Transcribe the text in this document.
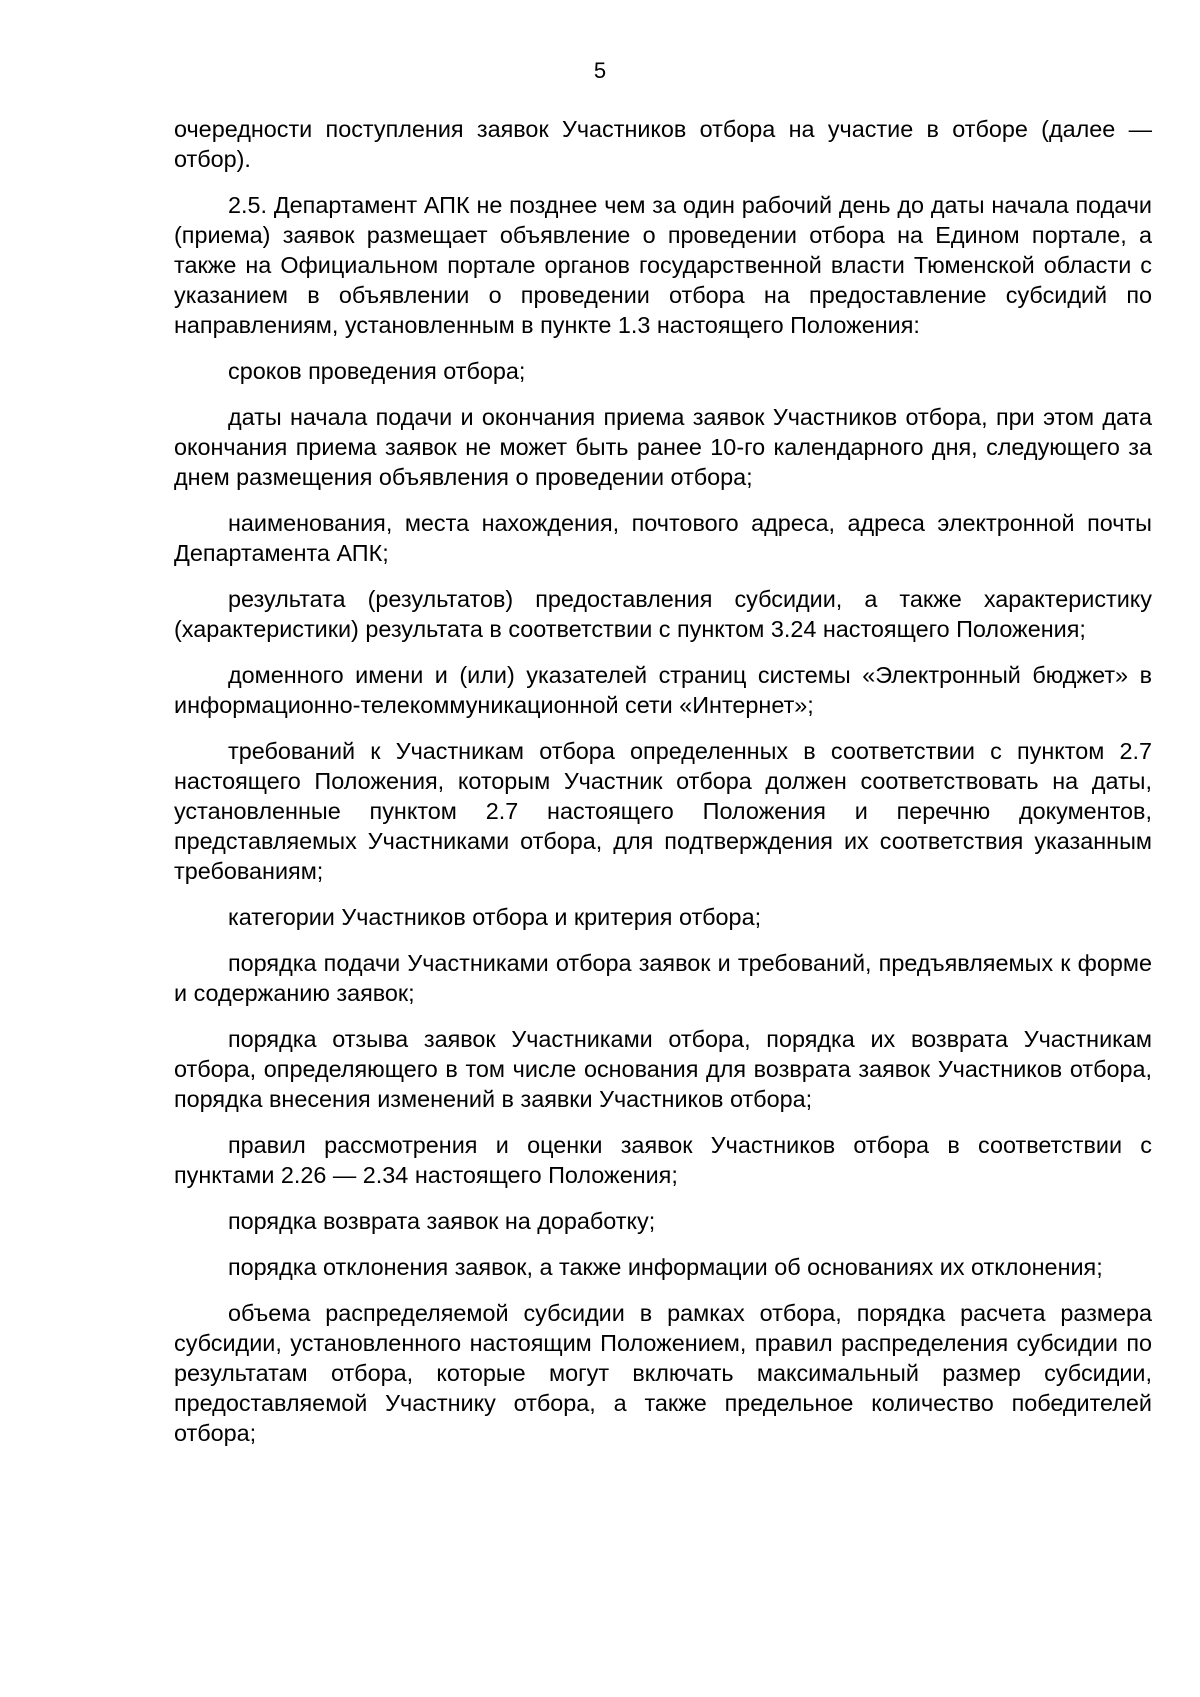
5

очередности поступления заявок Участников отбора на участие в отборе (далее — отбор).

2.5. Департамент АПК не позднее чем за один рабочий день до даты начала подачи (приема) заявок размещает объявление о проведении отбора на Едином портале, а также на Официальном портале органов государственной власти Тюменской области с указанием в объявлении о проведении отбора на предоставление субсидий по направлениям, установленным в пункте 1.3 настоящего Положения:

сроков проведения отбора;

даты начала подачи и окончания приема заявок Участников отбора, при этом дата окончания приема заявок не может быть ранее 10-го календарного дня, следующего за днем размещения объявления о проведении отбора;

наименования, места нахождения, почтового адреса, адреса электронной почты Департамента АПК;

результата (результатов) предоставления субсидии, а также характеристику (характеристики) результата в соответствии с пунктом 3.24 настоящего Положения;

доменного имени и (или) указателей страниц системы «Электронный бюджет» в информационно-телекоммуникационной сети «Интернет»;

требований к Участникам отбора определенных в соответствии с пунктом 2.7 настоящего Положения, которым Участник отбора должен соответствовать на даты, установленные пунктом 2.7 настоящего Положения и перечню документов, представляемых Участниками отбора, для подтверждения их соответствия указанным требованиям;

категории Участников отбора и критерия отбора;

порядка подачи Участниками отбора заявок и требований, предъявляемых к форме и содержанию заявок;

порядка отзыва заявок Участниками отбора, порядка их возврата Участникам отбора, определяющего в том числе основания для возврата заявок Участников отбора, порядка внесения изменений в заявки Участников отбора;

правил рассмотрения и оценки заявок Участников отбора в соответствии с пунктами 2.26 — 2.34 настоящего Положения;

порядка возврата заявок на доработку;

порядка отклонения заявок, а также информации об основаниях их отклонения;

объема распределяемой субсидии в рамках отбора, порядка расчета размера субсидии, установленного настоящим Положением, правил распределения субсидии по результатам отбора, которые могут включать максимальный размер субсидии, предоставляемой Участнику отбора, а также предельное количество победителей отбора;
